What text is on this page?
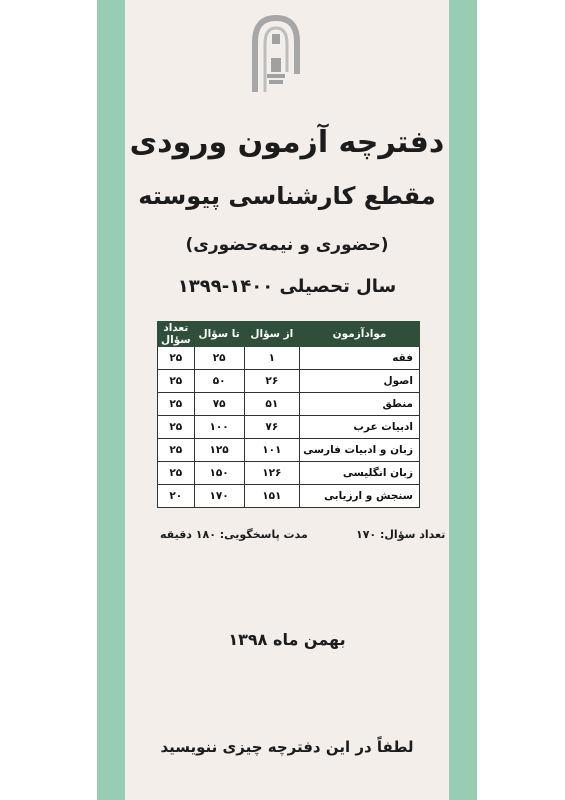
دفترچه آزمون ورودی
مقطع کارشناسی پیوسته
(حضوری و نیمه‌حضوری)
سال تحصیلی ۱۴۰۰-۱۳۹۹
موادآزمون	از سؤال	تا سؤال	تعداد سؤال
فقه	۱	۲۵	۲۵
اصول	۲۶	۵۰	۲۵
منطق	۵۱	۷۵	۲۵
ادبیات عرب	۷۶	۱۰۰	۲۵
زبان و ادبیات فارسی	۱۰۱	۱۲۵	۲۵
زبان انگلیسی	۱۲۶	۱۵۰	۲۵
سنجش و ارزیابی	۱۵۱	۱۷۰	۲۰
تعداد سؤال: ۱۷۰
مدت پاسخگویی: ۱۸۰ دقیقه
بهمن ماه ۱۳۹۸
لطفاً در این دفترچه چیزی ننویسید
